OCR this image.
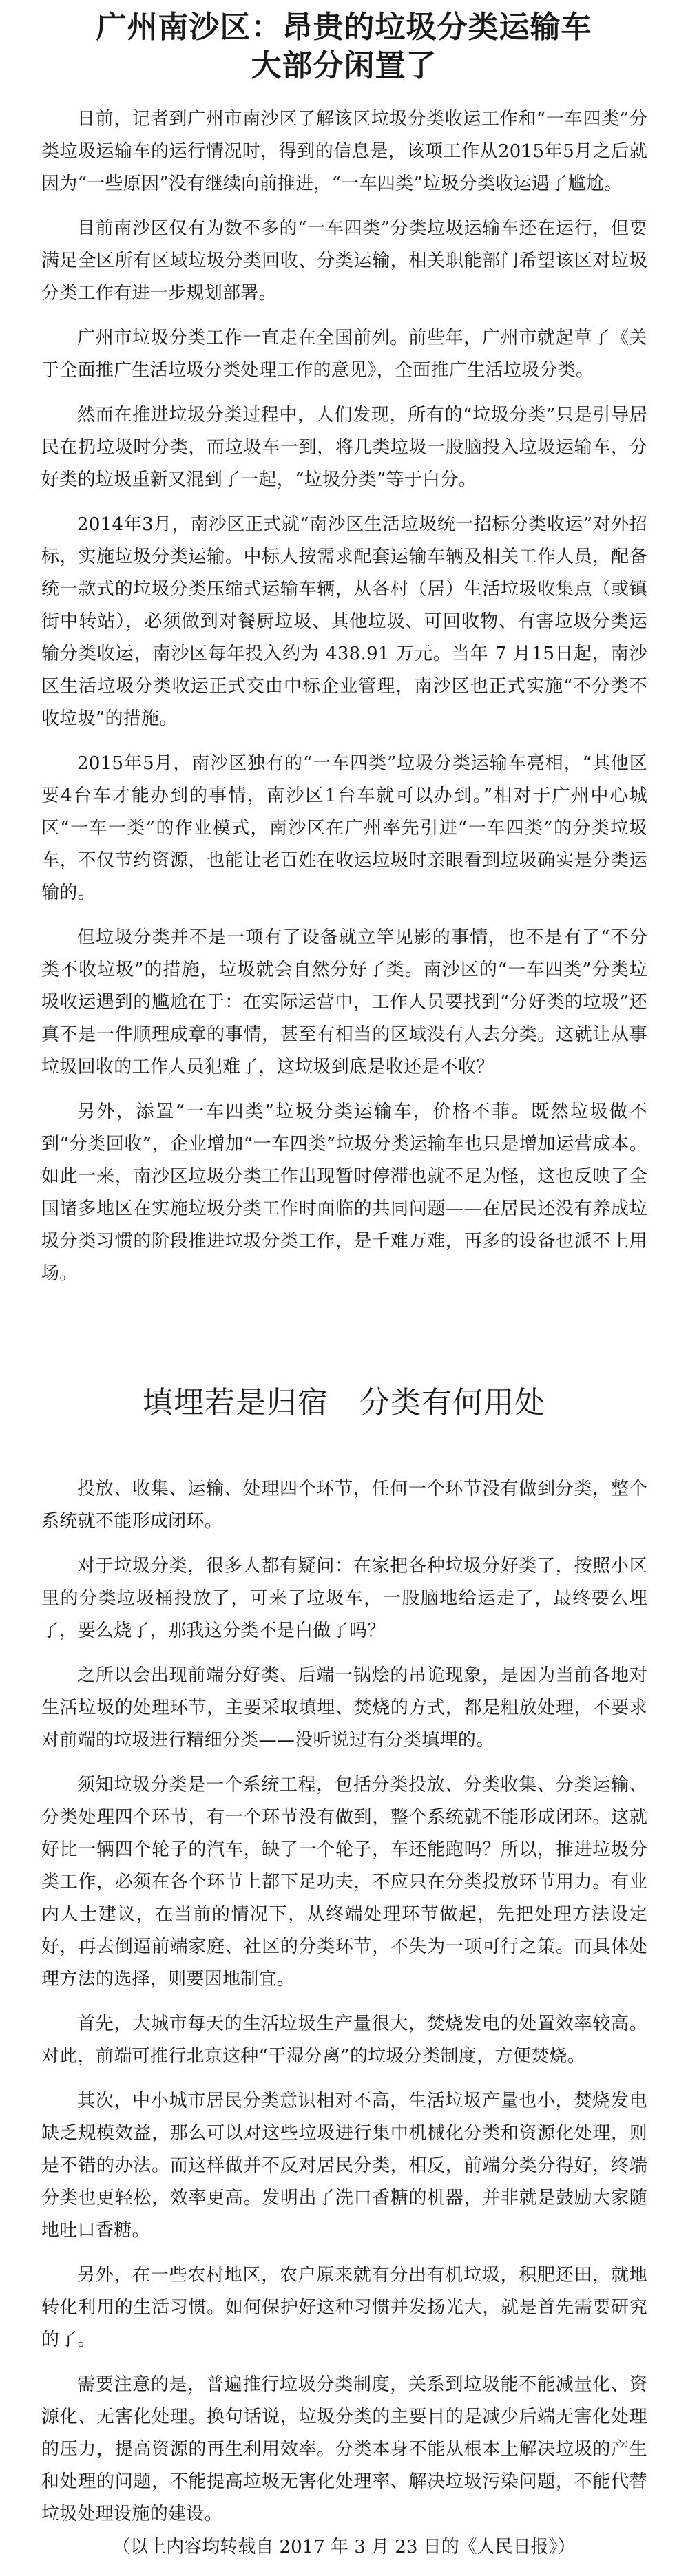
广州南沙区：昂贵的垃圾分类运输车
大部分闲置了

日前，记者到广州市南沙区了解该区垃圾分类收运工作和“一车四类”分类垃圾运输车的运行情况时，得到的信息是，该项工作从2015年5月之后就因为“一些原因”没有继续向前推进，“一车四类”垃圾分类收运遇了尴尬。

目前南沙区仅有为数不多的“一车四类”分类垃圾运输车还在运行，但要满足全区所有区域垃圾分类回收、分类运输，相关职能部门希望该区对垃圾分类工作有进一步规划部署。

广州市垃圾分类工作一直走在全国前列。前些年，广州市就起草了《关于全面推广生活垃圾分类处理工作的意见》，全面推广生活垃圾分类。

然而在推进垃圾分类过程中，人们发现，所有的“垃圾分类”只是引导居民在扔垃圾时分类，而垃圾车一到，将几类垃圾一股脑投入垃圾运输车，分好类的垃圾重新又混到了一起，“垃圾分类”等于白分。

2014年3月，南沙区正式就“南沙区生活垃圾统一招标分类收运”对外招标，实施垃圾分类运输。中标人按需求配套运输车辆及相关工作人员，配备统一款式的垃圾分类压缩式运输车辆，从各村（居）生活垃圾收集点（或镇街中转站），必须做到对餐厨垃圾、其他垃圾、可回收物、有害垃圾分类运输分类收运，南沙区每年投入约为 438.91 万元。当年 7 月15日起，南沙区生活垃圾分类收运正式交由中标企业管理，南沙区也正式实施“不分类不收垃圾”的措施。

2015年5月，南沙区独有的“一车四类”垃圾分类运输车亮相，“其他区要4台车才能办到的事情，南沙区1台车就可以办到。”相对于广州中心城区“一车一类”的作业模式，南沙区在广州率先引进“一车四类”的分类垃圾车，不仅节约资源，也能让老百姓在收运垃圾时亲眼看到垃圾确实是分类运输的。

但垃圾分类并不是一项有了设备就立竿见影的事情，也不是有了“不分类不收垃圾”的措施，垃圾就会自然分好了类。南沙区的“一车四类”分类垃圾收运遇到的尴尬在于：在实际运营中，工作人员要找到“分好类的垃圾”还真不是一件顺理成章的事情，甚至有相当的区域没有人去分类。这就让从事垃圾回收的工作人员犯难了，这垃圾到底是收还是不收？

另外，添置“一车四类”垃圾分类运输车，价格不菲。既然垃圾做不到“分类回收”，企业增加“一车四类”垃圾分类运输车也只是增加运营成本。如此一来，南沙区垃圾分类工作出现暂时停滞也就不足为怪，这也反映了全国诸多地区在实施垃圾分类工作时面临的共同问题——在居民还没有养成垃圾分类习惯的阶段推进垃圾分类工作，是千难万难，再多的设备也派不上用场。

填埋若是归宿　分类有何用处

投放、收集、运输、处理四个环节，任何一个环节没有做到分类，整个系统就不能形成闭环。

对于垃圾分类，很多人都有疑问：在家把各种垃圾分好类了，按照小区里的分类垃圾桶投放了，可来了垃圾车，一股脑地给运走了，最终要么埋了，要么烧了，那我这分类不是白做了吗？

之所以会出现前端分好类、后端一锅烩的吊诡现象，是因为当前各地对生活垃圾的处理环节，主要采取填埋、焚烧的方式，都是粗放处理，不要求对前端的垃圾进行精细分类——没听说过有分类填埋的。

须知垃圾分类是一个系统工程，包括分类投放、分类收集、分类运输、分类处理四个环节，有一个环节没有做到，整个系统就不能形成闭环。这就好比一辆四个轮子的汽车，缺了一个轮子，车还能跑吗？所以，推进垃圾分类工作，必须在各个环节上都下足功夫，不应只在分类投放环节用力。有业内人士建议，在当前的情况下，从终端处理环节做起，先把处理方法设定好，再去倒逼前端家庭、社区的分类环节，不失为一项可行之策。而具体处理方法的选择，则要因地制宜。

首先，大城市每天的生活垃圾生产量很大，焚烧发电的处置效率较高。对此，前端可推行北京这种“干湿分离”的垃圾分类制度，方便焚烧。

其次，中小城市居民分类意识相对不高，生活垃圾产量也小，焚烧发电缺乏规模效益，那么可以对这些垃圾进行集中机械化分类和资源化处理，则是不错的办法。而这样做并不反对居民分类，相反，前端分类分得好，终端分类也更轻松，效率更高。发明出了洗口香糖的机器，并非就是鼓励大家随地吐口香糖。

另外，在一些农村地区，农户原来就有分出有机垃圾，积肥还田，就地转化利用的生活习惯。如何保护好这种习惯并发扬光大，就是首先需要研究的了。

需要注意的是，普遍推行垃圾分类制度，关系到垃圾能不能减量化、资源化、无害化处理。换句话说，垃圾分类的主要目的是减少后端无害化处理的压力，提高资源的再生利用效率。分类本身不能从根本上解决垃圾的产生和处理的问题，不能提高垃圾无害化处理率、解决垃圾污染问题，不能代替垃圾处理设施的建设。

（以上内容均转载自 2017 年 3 月 23 日的《人民日报》）
